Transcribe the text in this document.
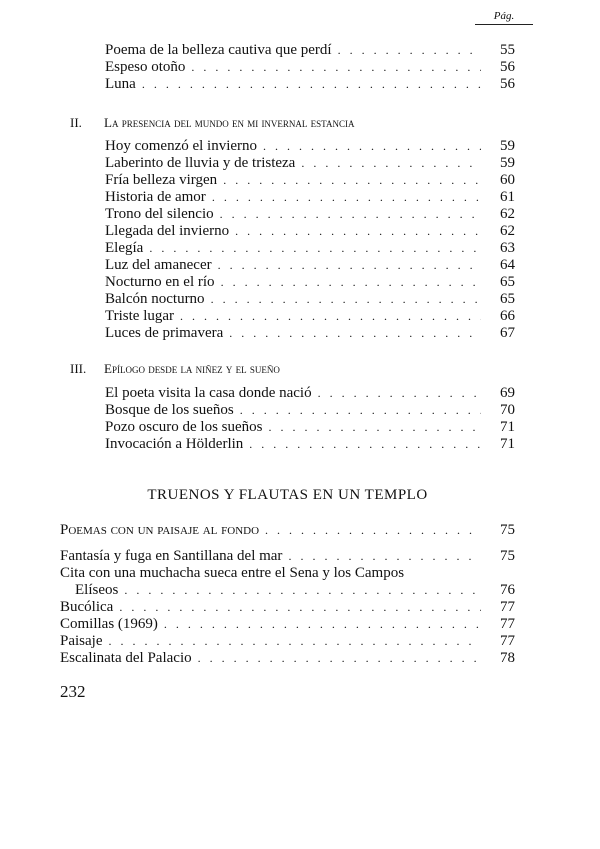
Pág.
Poema de la belleza cautiva que perdí . . .	55
Espeso otoño . . .	56
Luna . . .	56
II. La presencia del mundo en mi invernal estancia
Hoy comenzó el invierno . . .	59
Laberinto de lluvia y de tristeza . . .	59
Fría belleza virgen . . .	60
Historia de amor . . .	61
Trono del silencio . . .	62
Llegada del invierno . . .	62
Elegía . . .	63
Luz del amanecer . . .	64
Nocturno en el río . . .	65
Balcón nocturno . . .	65
Triste lugar . . .	66
Luces de primavera . . .	67
III. Epílogo desde la niñez y el sueño
El poeta visita la casa donde nació . . .	69
Bosque de los sueños . . .	70
Pozo oscuro de los sueños . . .	71
Invocación a Hölderlin . . .	71
TRUENOS Y FLAUTAS EN UN TEMPLO
Poemas con un paisaje al fondo . . .	75
Fantasía y fuga en Santillana del mar . . .	75
Cita con una muchacha sueca entre el Sena y los Campos
Elíseos . . .	76
Bucólica . . .	77
Comillas (1969) . . .	77
Paisaje . . .	77
Escalinata del Palacio . . .	78
232
